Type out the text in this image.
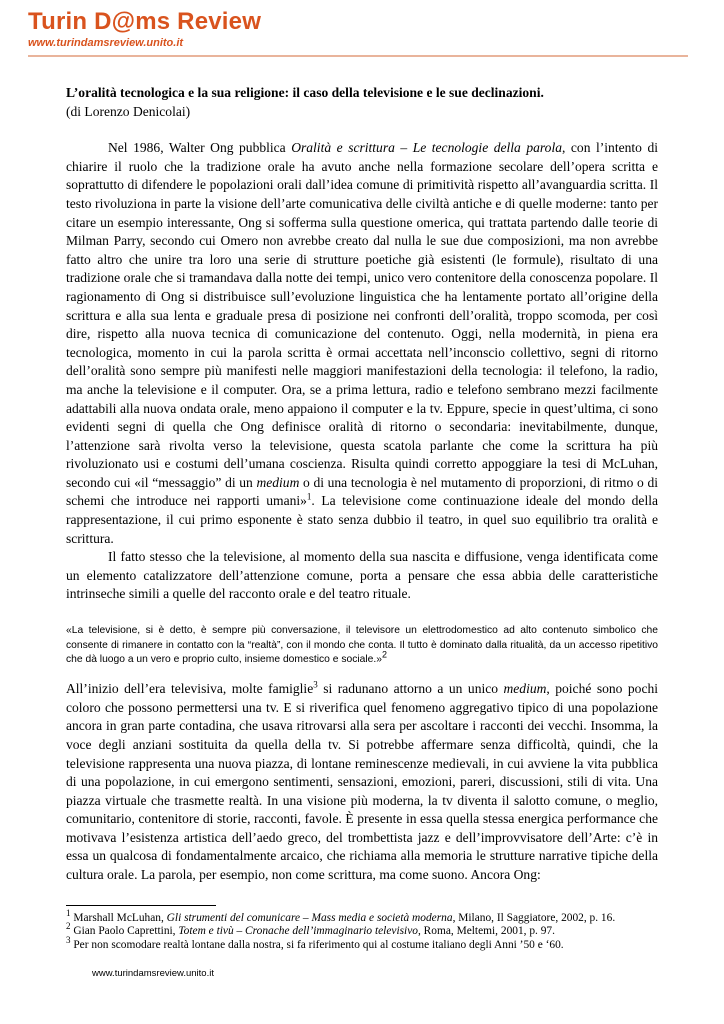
Turin D@ms Review
www.turindamsreview.unito.it
L’oralità tecnologica e la sua religione: il caso della televisione e le sue declinazioni.
(di Lorenzo Denicolai)

Nel 1986, Walter Ong pubblica Oralità e scrittura – Le tecnologie della parola, con l’intento di chiarire il ruolo che la tradizione orale ha avuto anche nella formazione secolare dell’opera scritta e soprattutto di difendere le popolazioni orali dall’idea comune di primitività rispetto all’avanguardia scritta. Il testo rivoluziona in parte la visione dell’arte comunicativa delle civiltà antiche e di quelle moderne: tanto per citare un esempio interessante, Ong si sofferma sulla questione omerica, qui trattata partendo dalle teorie di Milman Parry, secondo cui Omero non avrebbe creato dal nulla le sue due composizioni, ma non avrebbe fatto altro che unire tra loro una serie di strutture poetiche già esistenti (le formule), risultato di una tradizione orale che si tramandava dalla notte dei tempi, unico vero contenitore della conoscenza popolare. Il ragionamento di Ong si distribuisce sull’evoluzione linguistica che ha lentamente portato all’origine della scrittura e alla sua lenta e graduale presa di posizione nei confronti dell’oralità, troppo scomoda, per così dire, rispetto alla nuova tecnica di comunicazione del contenuto. Oggi, nella modernità, in piena era tecnologica, momento in cui la parola scritta è ormai accettata nell’inconscio collettivo, segni di ritorno dell’oralità sono sempre più manifesti nelle maggiori manifestazioni della tecnologia: il telefono, la radio, ma anche la televisione e il computer. Ora, se a prima lettura, radio e telefono sembrano mezzi facilmente adattabili alla nuova ondata orale, meno appaiono il computer e la tv. Eppure, specie in quest’ultima, ci sono evidenti segni di quella che Ong definisce oralità di ritorno o secondaria: inevitabilmente, dunque, l’attenzione sarà rivolta verso la televisione, questa scatola parlante che come la scrittura ha più rivoluzionato usi e costumi dell’umana coscienza. Risulta quindi corretto appoggiare la tesi di McLuhan, secondo cui «il “messaggio” di un medium o di una tecnologia è nel mutamento di proporzioni, di ritmo o di schemi che introduce nei rapporti umani»$^1$. La televisione come continuazione ideale del mondo della rappresentazione, il cui primo esponente è stato senza dubbio il teatro, in quel suo equilibrio tra oralità e scrittura.

Il fatto stesso che la televisione, al momento della sua nascita e diffusione, venga identificata come un elemento catalizzatore dell’attenzione comune, porta a pensare che essa abbia delle caratteristiche intrinseche simili a quelle del racconto orale e del teatro rituale.

«La televisione, si è detto, è sempre più conversazione, il televisore un elettrodomestico ad alto contenuto simbolico che consente di rimanere in contatto con la “realtà”, con il mondo che conta. Il tutto è dominato dalla ritualità, da un accesso ripetitivo che dà luogo a un vero e proprio culto, insieme domestico e sociale.»$^2$

All’inizio dell’era televisiva, molte famiglie$^3$ si radunano attorno a un unico medium, poiché sono pochi coloro che possono permettersi una tv. E si riverifica quel fenomeno aggregativo tipico di una popolazione ancora in gran parte contadina, che usava ritrovarsi alla sera per ascoltare i racconti dei vecchi. Insomma, la voce degli anziani sostituita da quella della tv. Si potrebbe affermare senza difficoltà, quindi, che la televisione rappresenta una nuova piazza, di lontane reminescenze medievali, in cui avviene la vita pubblica di una popolazione, in cui emergono sentimenti, sensazioni, emozioni, pareri, discussioni, stili di vita. Una piazza virtuale che trasmette realtà. In una visione più moderna, la tv diventa il salotto comune, o meglio, comunitario, contenitore di storie, racconti, favole. È presente in essa quella stessa energica performance che motivava l’esistenza artistica dell’aedo greco, del trombettista jazz e dell’improvvisatore dell’Arte: c’è in essa un qualcosa di fondamentalmente arcaico, che richiama alla memoria le strutture narrative tipiche della cultura orale. La parola, per esempio, non come scrittura, ma come suono. Ancora Ong:

$^1$ Marshall McLuhan, Gli strumenti del comunicare – Mass media e società moderna, Milano, Il Saggiatore, 2002, p. 16.
$^2$ Gian Paolo Caprettini, Totem e tivù – Cronache dell’immaginario televisivo, Roma, Meltemi, 2001, p. 97.
$^3$ Per non scomodare realtà lontane dalla nostra, si fa riferimento qui al costume italiano degli Anni ’50 e ‘60.
www.turindamsreview.unito.it
